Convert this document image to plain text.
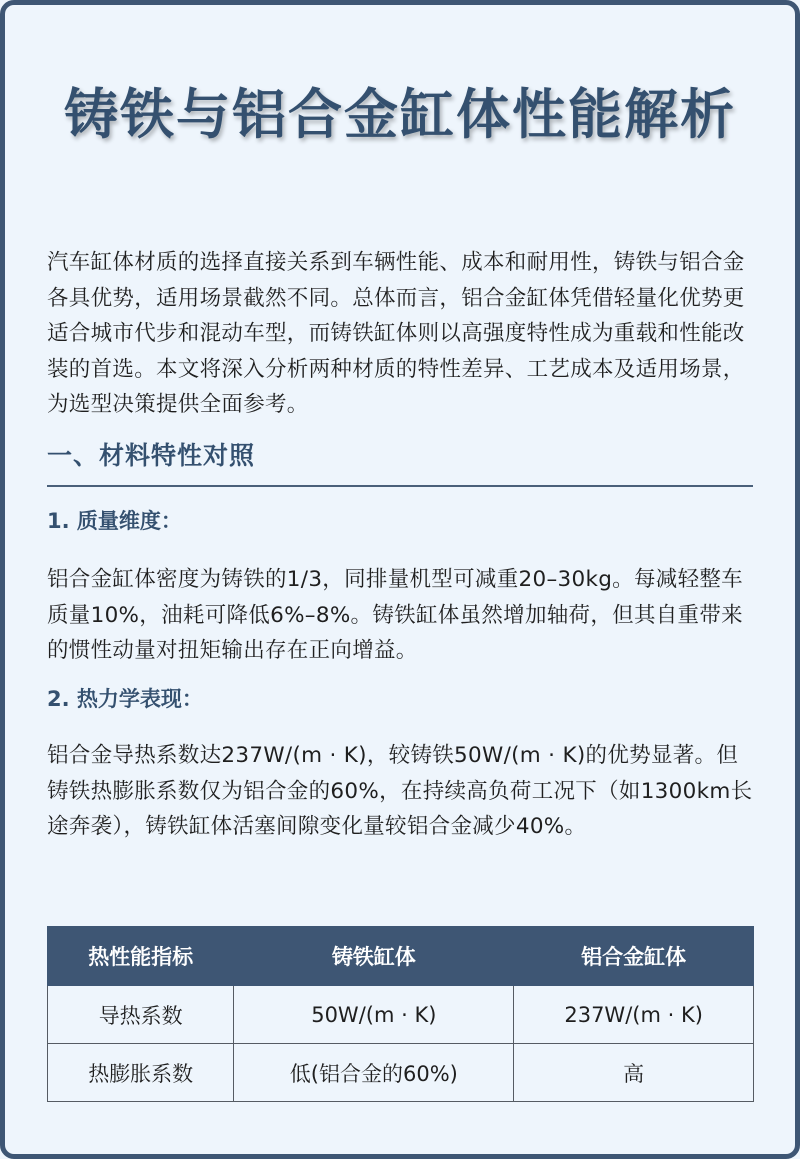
铸铁与铝合金缸体性能解析

汽车缸体材质的选择直接关系到车辆性能、成本和耐用性，铸铁与铝合金各具优势，适用场景截然不同。总体而言，铝合金缸体凭借轻量化优势更适合城市代步和混动车型，而铸铁缸体则以高强度特性成为重载和性能改装的首选。本文将深入分析两种材质的特性差异、工艺成本及适用场景，为选型决策提供全面参考。

一、材料特性对照
1. 质量维度：

铝合金缸体密度为铸铁的1/3，同排量机型可减重20–30kg。每减轻整车质量10%，油耗可降低6%–8%。铸铁缸体虽然增加轴荷，但其自重带来的惯性动量对扭矩输出存在正向增益。

2. 热力学表现：

铝合金导热系数达237W/(m · K)，较铸铁50W/(m · K)的优势显著。但铸铁热膨胀系数仅为铝合金的60%，在持续高负荷工况下（如1300km长途奔袭），铸铁缸体活塞间隙变化量较铝合金减少40%。

热性能指标	铸铁缸体	铝合金缸体
导热系数	50W/(m · K)	237W/(m · K)
热膨胀系数	低(铝合金的60%)	高
